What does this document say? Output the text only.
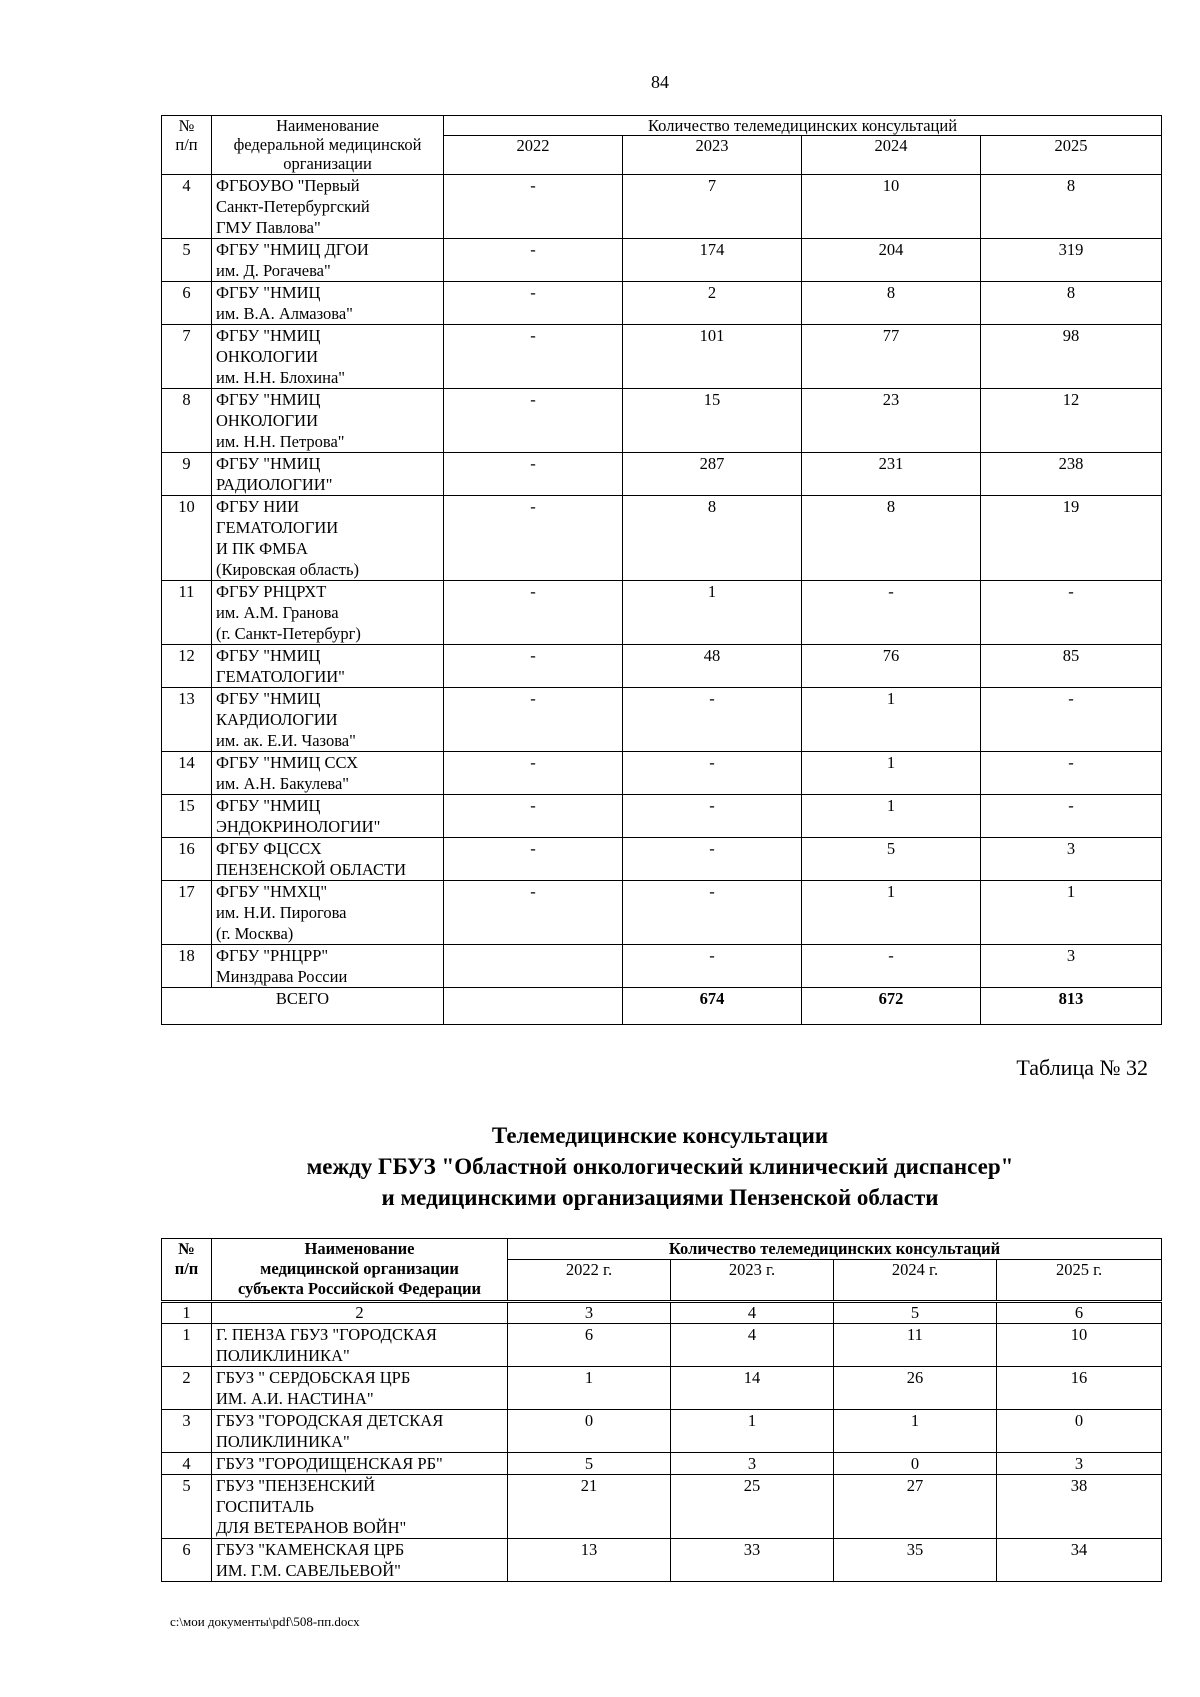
84
№
п/п	Наименование
федеральной медицинской
организации	Количество телемедицинских консультаций			
		2022	2023	2024	2025
4	ФГБОУВО "Первый
Санкт-Петербургский
ГМУ Павлова"	-	7	10	8
5	ФГБУ "НМИЦ ДГОИ
им. Д. Рогачева"	-	174	204	319
6	ФГБУ "НМИЦ
им. В.А. Алмазова"	-	2	8	8
7	ФГБУ "НМИЦ
ОНКОЛОГИИ
им. Н.Н. Блохина"	-	101	77	98
8	ФГБУ "НМИЦ
ОНКОЛОГИИ
им. Н.Н. Петрова"	-	15	23	12
9	ФГБУ "НМИЦ
РАДИОЛОГИИ"	-	287	231	238
10	ФГБУ НИИ
ГЕМАТОЛОГИИ
И ПК ФМБА
(Кировская область)	-	8	8	19
11	ФГБУ РНЦРХТ
им. А.М. Гранова
(г. Санкт-Петербург)	-	1	-	-
12	ФГБУ "НМИЦ
ГЕМАТОЛОГИИ"	-	48	76	85
13	ФГБУ "НМИЦ
КАРДИОЛОГИИ
им. ак. Е.И. Чазова"	-	-	1	-
14	ФГБУ "НМИЦ ССХ
им. А.Н. Бакулева"	-	-	1	-
15	ФГБУ "НМИЦ
ЭНДОКРИНОЛОГИИ"	-	-	1	-
16	ФГБУ ФЦССХ
ПЕНЗЕНСКОЙ ОБЛАСТИ	-	-	5	3
17	ФГБУ "НМХЦ"
им. Н.И. Пирогова
(г. Москва)	-	-	1	1
18	ФГБУ "РНЦРР"
Минздрава России		-	-	3
ВСЕГО			674	672	813
Таблица № 32
Телемедицинские консультации
между ГБУЗ "Областной онкологический клинический диспансер"
и медицинскими организациями Пензенской области
№
п/п	Наименование
медицинской организации
субъекта Российской Федерации	Количество телемедицинских консультаций			
		2022 г.	2023 г.	2024 г.	2025 г.
1	2	3	4	5	6
1	Г. ПЕНЗА ГБУЗ "ГОРОДСКАЯ
ПОЛИКЛИНИКА"	6	4	11	10
2	ГБУЗ " СЕРДОБСКАЯ ЦРБ
ИМ. А.И. НАСТИНА"	1	14	26	16
3	ГБУЗ "ГОРОДСКАЯ ДЕТСКАЯ
ПОЛИКЛИНИКА"	0	1	1	0
4	ГБУЗ "ГОРОДИЩЕНСКАЯ РБ"	5	3	0	3
5	ГБУЗ "ПЕНЗЕНСКИЙ
ГОСПИТАЛЬ
ДЛЯ ВЕТЕРАНОВ ВОЙН"	21	25	27	38
6	ГБУЗ "КАМЕНСКАЯ ЦРБ
ИМ. Г.М. САВЕЛЬЕВОЙ"	13	33	35	34
c:\мои документы\pdf\508-пп.docx
